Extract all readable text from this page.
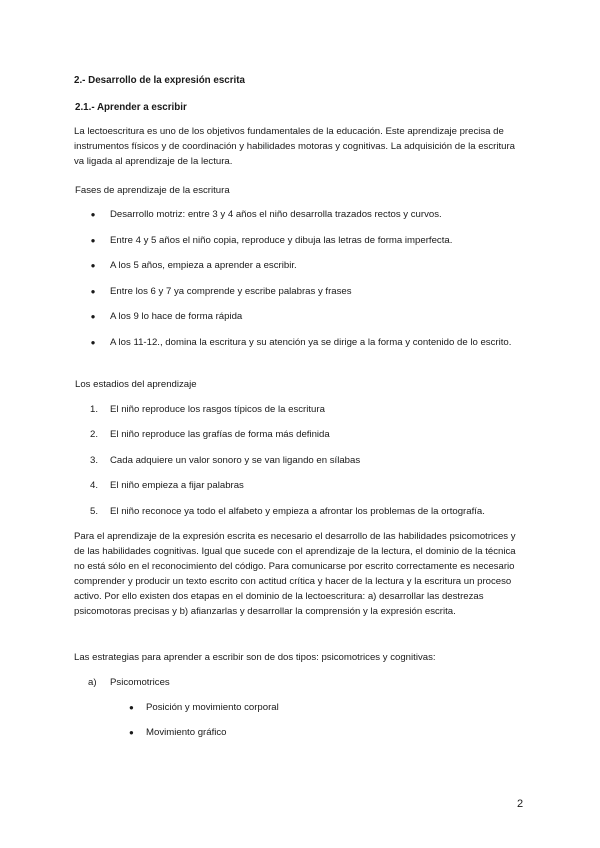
2.- Desarrollo de la expresión escrita
2.1.- Aprender a escribir
La lectoescritura es uno de los objetivos fundamentales de la educación. Este aprendizaje precisa de instrumentos físicos y de coordinación y habilidades motoras y cognitivas. La adquisición de la escritura va ligada al aprendizaje de la lectura.
Fases de aprendizaje de la escritura
● Desarrollo motriz: entre 3 y 4 años el niño desarrolla trazados rectos y curvos.
● Entre 4 y 5 años el niño copia, reproduce y dibuja las letras de forma imperfecta.
● A los 5 años, empieza a aprender a escribir.
● Entre los 6 y 7 ya comprende y escribe palabras y frases
● A los 9 lo hace de forma rápida
● A los 11-12., domina la escritura y su atención ya se dirige a la forma y contenido de lo escrito.
Los estadios del aprendizaje
1. El niño reproduce los rasgos típicos de la escritura
2. El niño reproduce las grafías de forma más definida
3. Cada adquiere un valor sonoro y se van ligando en sílabas
4. El niño empieza a fijar palabras
5. El niño reconoce ya todo el alfabeto y empieza a afrontar los problemas de la ortografía.
Para el aprendizaje de la expresión escrita es necesario el desarrollo de las habilidades psicomotrices y de las habilidades cognitivas. Igual que sucede con el aprendizaje de la lectura, el dominio de la técnica no está sólo en el reconocimiento del código. Para comunicarse por escrito correctamente es necesario comprender y producir un texto escrito con actitud crítica y hacer de la lectura y la escritura un proceso activo. Por ello existen dos etapas en el dominio de la lectoescritura: a) desarrollar las destrezas psicomotoras precisas y b) afianzarlas y desarrollar la comprensión y la expresión escrita.
Las estrategias para aprender a escribir son de dos tipos: psicomotrices y cognitivas:
a) Psicomotrices
● Posición y movimiento corporal
● Movimiento gráfico
2
